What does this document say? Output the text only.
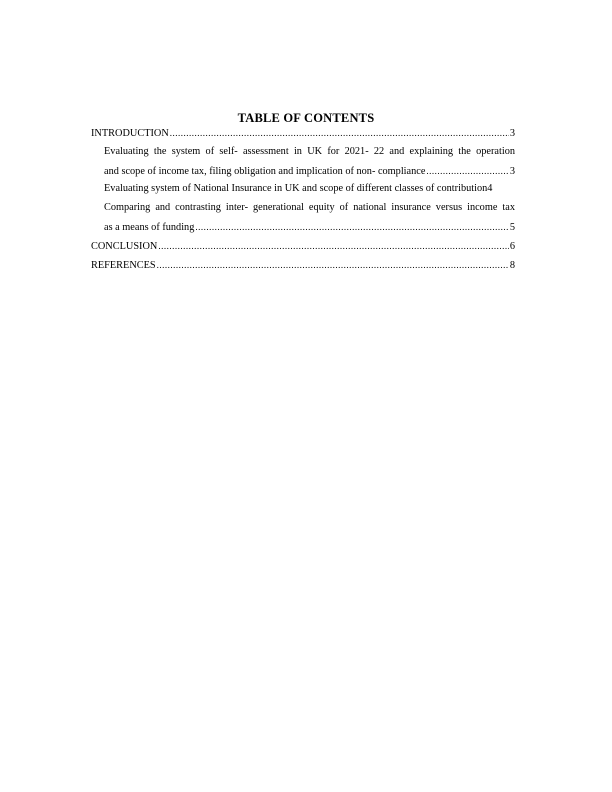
TABLE OF CONTENTS
INTRODUCTION .....	3
Evaluating the system of self- assessment in UK for 2021- 22 and explaining the operation
and scope of income tax, filing obligation and implication of non- compliance .....	3
Evaluating system of National Insurance in UK and scope of different classes of contribution 4
Comparing and contrasting inter- generational equity of national insurance versus income tax
as a means of funding .....	5
CONCLUSION .....	6
REFERENCES .....	8
